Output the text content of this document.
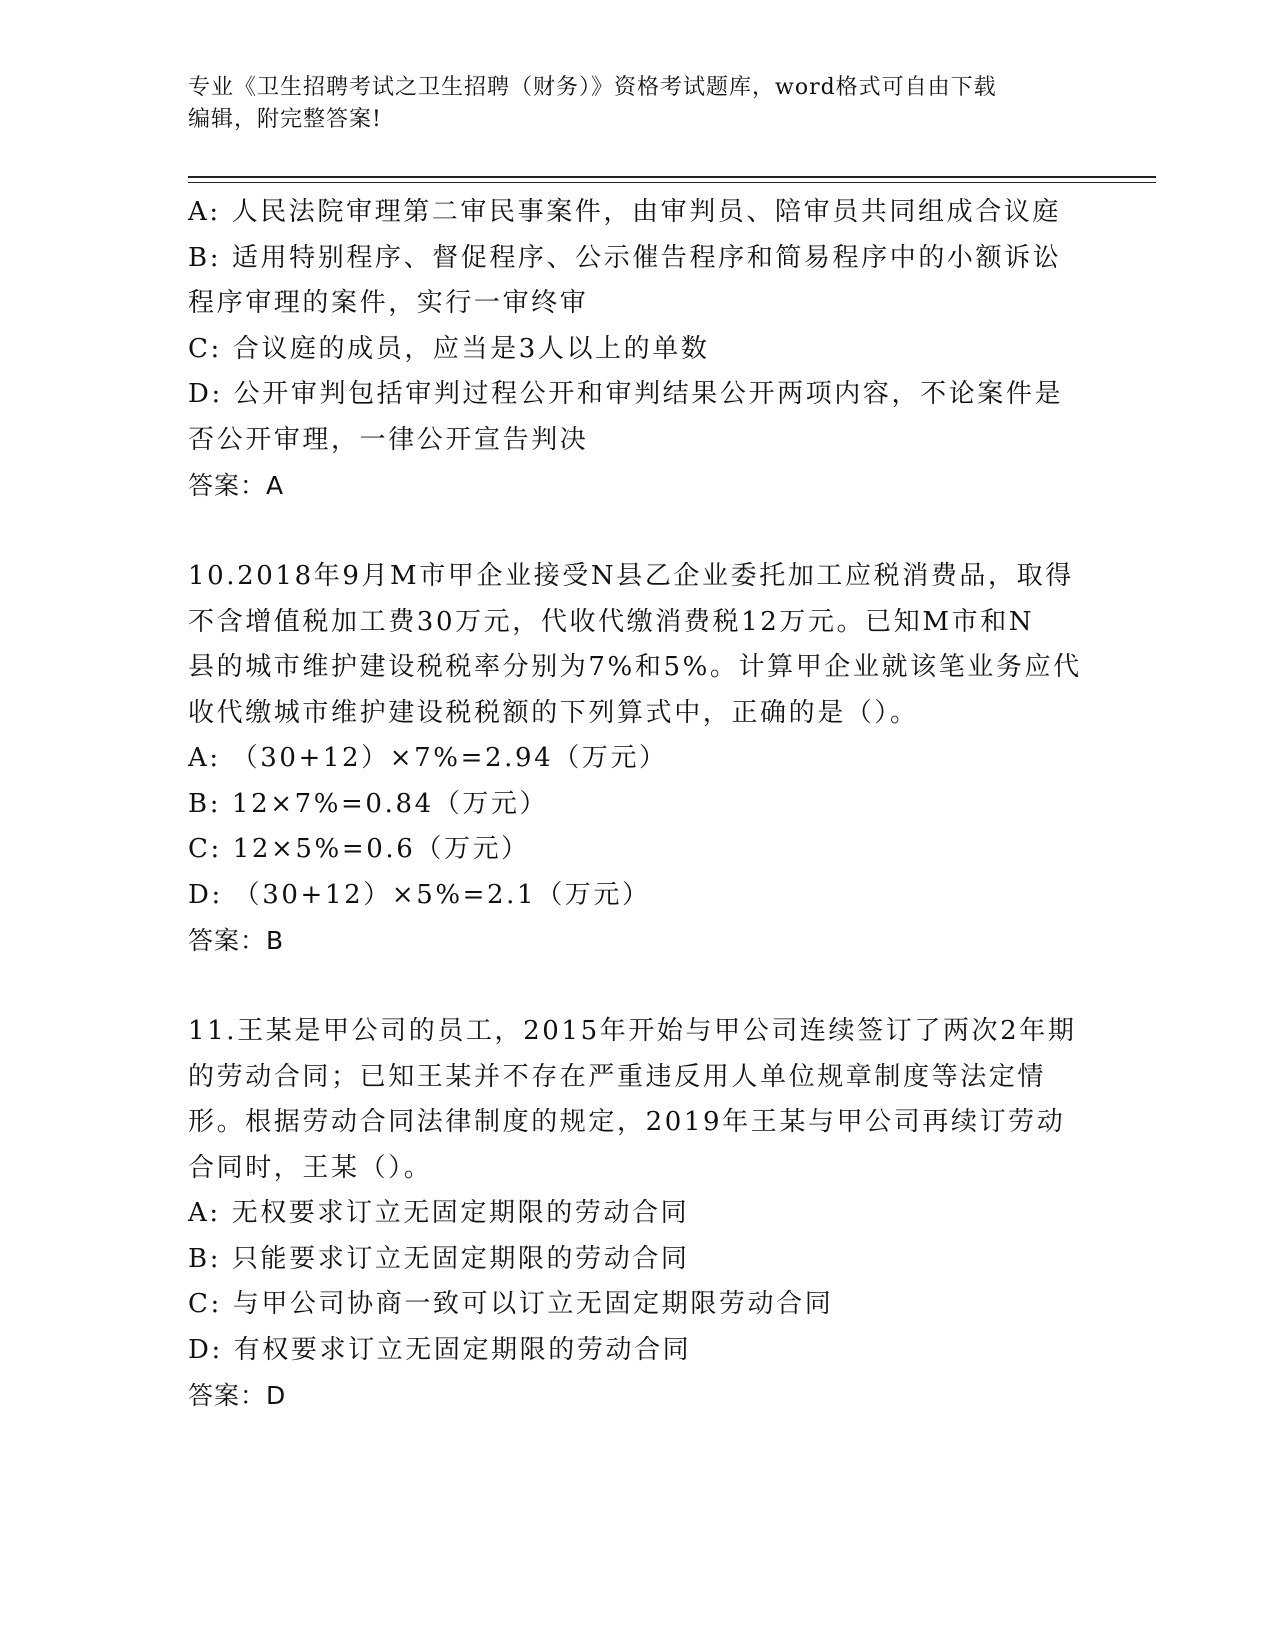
专业《卫生招聘考试之卫生招聘（财务）》资格考试题库，word格式可自由下载
编辑，附完整答案!
A: 人民法院审理第二审民事案件，由审判员、陪审员共同组成合议庭
B: 适用特别程序、督促程序、公示催告程序和简易程序中的小额诉讼
程序审理的案件，实行一审终审
C: 合议庭的成员，应当是3人以上的单数
D: 公开审判包括审判过程公开和审判结果公开两项内容，不论案件是
否公开审理，一律公开宣告判决
答案：A
10.2018年9月M市甲企业接受N县乙企业委托加工应税消费品，取得
不含增值税加工费30万元，代收代缴消费税12万元。已知M市和N
县的城市维护建设税税率分别为7%和5%。计算甲企业就该笔业务应代
收代缴城市维护建设税税额的下列算式中，正确的是（）。
A: （30+12）×7%=2.94（万元）
B: 12×7%=0.84（万元）
C: 12×5%=0.6（万元）
D: （30+12）×5%=2.1（万元）
答案：B
11.王某是甲公司的员工，2015年开始与甲公司连续签订了两次2年期
的劳动合同；已知王某并不存在严重违反用人单位规章制度等法定情
形。根据劳动合同法律制度的规定，2019年王某与甲公司再续订劳动
合同时，王某（）。
A: 无权要求订立无固定期限的劳动合同
B: 只能要求订立无固定期限的劳动合同
C: 与甲公司协商一致可以订立无固定期限劳动合同
D: 有权要求订立无固定期限的劳动合同
答案：D
